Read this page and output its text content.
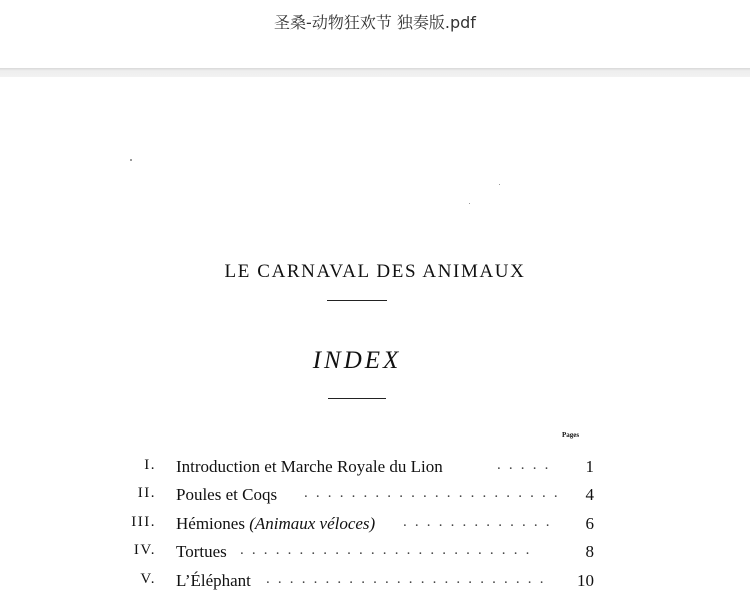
圣桑-动物狂欢节 独奏版.pdf
LE CARNAVAL DES ANIMAUX
INDEX
Pages
I. Introduction et Marche Royale du Lion	. . . . .	1
II. Poules et Coqs . . . . . . . . . . . . . . . . . . . . . .	4
III. Hémiones (Animaux véloces) . . . . . . . . . . . . .	6
IV. Tortues . . . . . . . . . . . . . . . . . . . . . . . . .	8
V. L’Éléphant . . . . . . . . . . . . . . . . . . . . . . . .	10
